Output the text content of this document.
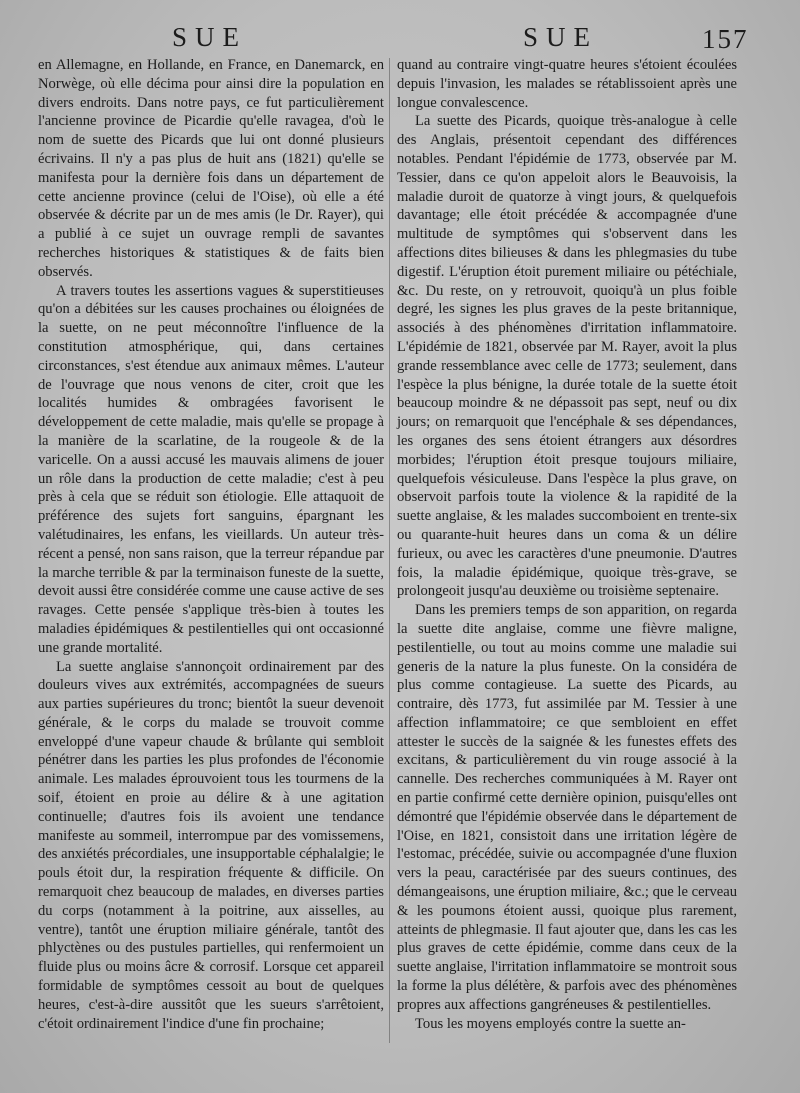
SUE	SUE	157

en Allemagne, en Hollande, en France, en Danemarck, en Norwège, où elle décima pour ainsi dire la population en divers endroits. Dans notre pays, ce fut particulièrement l'ancienne province de Picardie qu'elle ravagea, d'où le nom de suette des Picards que lui ont donné plusieurs écrivains. Il n'y a pas plus de huit ans (1821) qu'elle se manifesta pour la dernière fois dans un département de cette ancienne province (celui de l'Oise), où elle a été observée & décrite par un de mes amis (le Dr. Rayer), qui a publié à ce sujet un ouvrage rempli de savantes recherches historiques & statistiques & de faits bien observés.

A travers toutes les assertions vagues & superstitieuses qu'on a débitées sur les causes prochaines ou éloignées de la suette, on ne peut méconnoître l'influence de la constitution atmosphérique, qui, dans certaines circonstances, s'est étendue aux animaux mêmes. L'auteur de l'ouvrage que nous venons de citer, croit que les localités humides & ombragées favorisent le développement de cette maladie, mais qu'elle se propage à la manière de la scarlatine, de la rougeole & de la varicelle. On a aussi accusé les mauvais alimens de jouer un rôle dans la production de cette maladie; c'est à peu près à cela que se réduit son étiologie. Elle attaquoit de préférence des sujets fort sanguins, épargnant les valétudinaires, les enfans, les vieillards. Un auteur très-récent a pensé, non sans raison, que la terreur répandue par la marche terrible & par la terminaison funeste de la suette, devoit aussi être considérée comme une cause active de ses ravages. Cette pensée s'applique très-bien à toutes les maladies épidémiques & pestilentielles qui ont occasionné une grande mortalité.

La suette anglaise s'annonçoit ordinairement par des douleurs vives aux extrémités, accompagnées de sueurs aux parties supérieures du tronc; bientôt la sueur devenoit générale, & le corps du malade se trouvoit comme enveloppé d'une vapeur chaude & brûlante qui sembloit pénétrer dans les parties les plus profondes de l'économie animale. Les malades éprouvoient tous les tourmens de la soif, étoient en proie au délire & à une agitation continuelle; d'autres fois ils avoient une tendance manifeste au sommeil, interrompue par des vomissemens, des anxiétés précordiales, une insupportable céphalalgie; le pouls étoit dur, la respiration fréquente & difficile. On remarquoit chez beaucoup de malades, en diverses parties du corps (notamment à la poitrine, aux aisselles, au ventre), tantôt une éruption miliaire générale, tantôt des phlyctènes ou des pustules partielles, qui renfermoient un fluide plus ou moins âcre & corrosif. Lorsque cet appareil formidable de symptômes cessoit au bout de quelques heures, c'est-à-dire aussitôt que les sueurs s'arrêtoient, c'étoit ordinairement l'indice d'une fin prochaine;

quand au contraire vingt-quatre heures s'étoient écoulées depuis l'invasion, les malades se rétablissoient après une longue convalescence.

La suette des Picards, quoique très-analogue à celle des Anglais, présentoit cependant des différences notables. Pendant l'épidémie de 1773, observée par M. Tessier, dans ce qu'on appeloit alors le Beauvoisis, la maladie duroit de quatorze à vingt jours, & quelquefois davantage; elle étoit précédée & accompagnée d'une multitude de symptômes qui s'observent dans les affections dites bilieuses & dans les phlegmasies du tube digestif. L'éruption étoit purement miliaire ou pétéchiale, &c. Du reste, on y retrouvoit, quoiqu'à un plus foible degré, les signes les plus graves de la peste britannique, associés à des phénomènes d'irritation inflammatoire. L'épidémie de 1821, observée par M. Rayer, avoit la plus grande ressemblance avec celle de 1773; seulement, dans l'espèce la plus bénigne, la durée totale de la suette étoit beaucoup moindre & ne dépassoit pas sept, neuf ou dix jours; on remarquoit que l'encéphale & ses dépendances, les organes des sens étoient étrangers aux désordres morbides; l'éruption étoit presque toujours miliaire, quelquefois vésiculeuse. Dans l'espèce la plus grave, on observoit parfois toute la violence & la rapidité de la suette anglaise, & les malades succomboient en trente-six ou quarante-huit heures dans un coma & un délire furieux, ou avec les caractères d'une pneumonie. D'autres fois, la maladie épidémique, quoique très-grave, se prolongeoit jusqu'au deuxième ou troisième septenaire.

Dans les premiers temps de son apparition, on regarda la suette dite anglaise, comme une fièvre maligne, pestilentielle, ou tout au moins comme une maladie sui generis de la nature la plus funeste. On la considéra de plus comme contagieuse. La suette des Picards, au contraire, dès 1773, fut assimilée par M. Tessier à une affection inflammatoire; ce que sembloient en effet attester le succès de la saignée & les funestes effets des excitans, & particulièrement du vin rouge associé à la cannelle. Des recherches communiquées à M. Rayer ont en partie confirmé cette dernière opinion, puisqu'elles ont démontré que l'épidémie observée dans le département de l'Oise, en 1821, consistoit dans une irritation légère de l'estomac, précédée, suivie ou accompagnée d'une fluxion vers la peau, caractérisée par des sueurs continues, des démangeaisons, une éruption miliaire, &c.; que le cerveau & les poumons étoient aussi, quoique plus rarement, atteints de phlegmasie. Il faut ajouter que, dans les cas les plus graves de cette épidémie, comme dans ceux de la suette anglaise, l'irritation inflammatoire se montroit sous la forme la plus délétère, & parfois avec des phénomènes propres aux affections gangréneuses & pestilentielles.

Tous les moyens employés contre la suette an-
